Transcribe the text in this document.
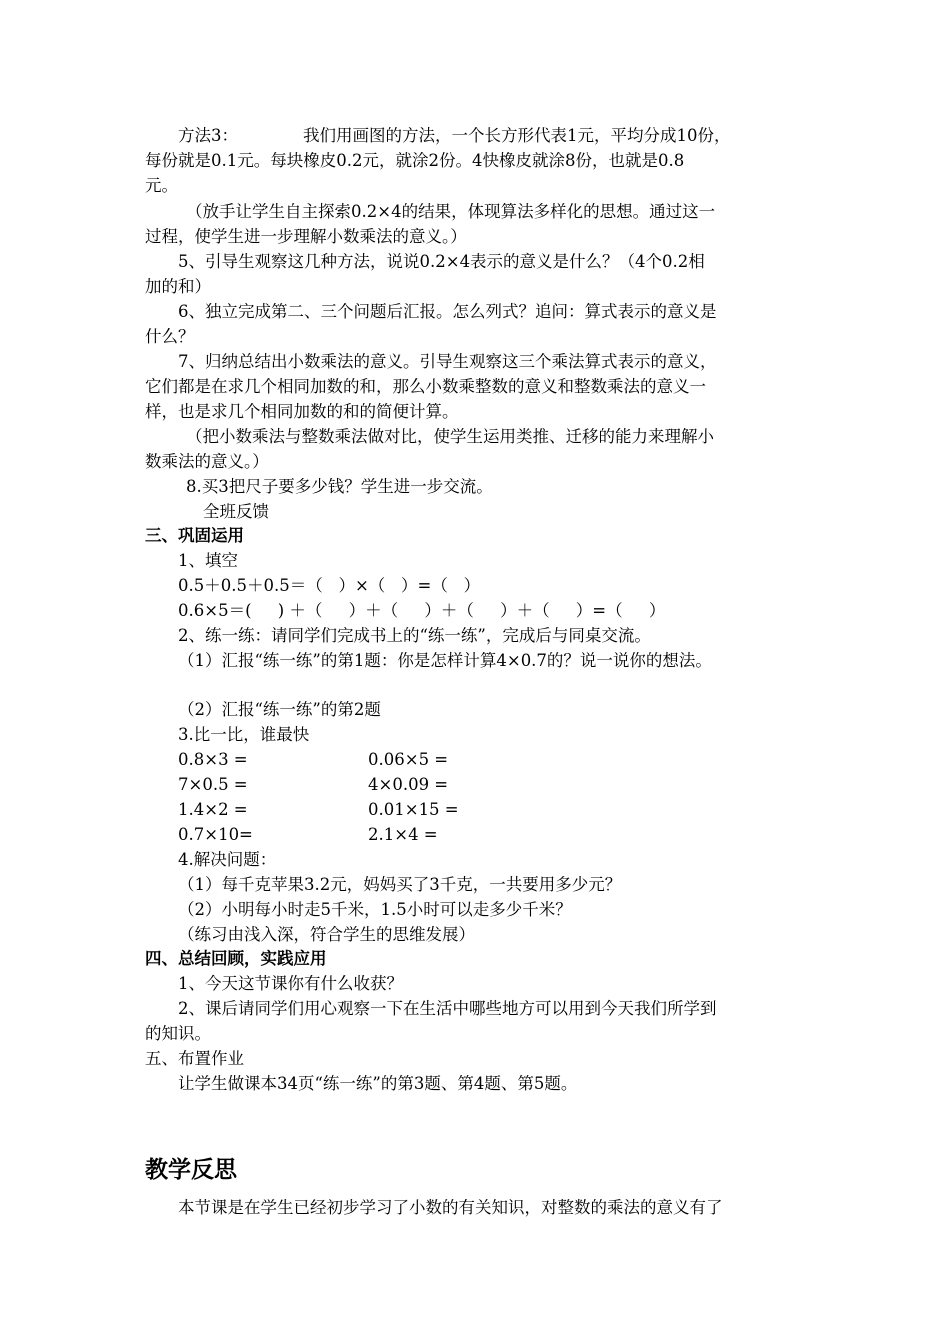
方法3：	我们用画图的方法，一个长方形代表1元，平均分成10份，
每份就是0.1元。每块橡皮0.2元，就涂2份。4快橡皮就涂8份，也就是0.8
元。
（放手让学生自主探索0.2×4的结果，体现算法多样化的思想。通过这一
过程，使学生进一步理解小数乘法的意义。）
5、引导生观察这几种方法，说说0.2×4表示的意义是什么？（4个0.2相
加的和）
6、独立完成第二、三个问题后汇报。怎么列式？追问：算式表示的意义是
什么？
7、归纳总结出小数乘法的意义。引导生观察这三个乘法算式表示的意义，
它们都是在求几个相同加数的和，那么小数乘整数的意义和整数乘法的意义一
样，也是求几个相同加数的和的简便计算。
（把小数乘法与整数乘法做对比，使学生运用类推、迁移的能力来理解小
数乘法的意义。）
8.买3把尺子要多少钱？学生进一步交流。
全班反馈
三、巩固运用
1、填空
0.5＋0.5＋0.5＝（   ）×（   ）=（   ）
0.6×5＝(     ) ＋（     ）＋（     ）＋（     ）＋（     ）=（     ）
2、练一练：请同学们完成书上的“练一练”，完成后与同桌交流。
（1）汇报“练一练”的第1题：你是怎样计算4×0.7的？说一说你的想法。
（2）汇报“练一练”的第2题
3.比一比，谁最快
0.8×3 =	0.06×5 =
7×0.5 =	4×0.09 =
1.4×2 =	0.01×15 =
0.7×10=	2.1×4 =
4.解决问题：
（1）每千克苹果3.2元，妈妈买了3千克，一共要用多少元？
（2）小明每小时走5千米，1.5小时可以走多少千米？
（练习由浅入深，符合学生的思维发展）
四、总结回顾，实践应用
1、今天这节课你有什么收获？
2、课后请同学们用心观察一下在生活中哪些地方可以用到今天我们所学到
的知识。
五、布置作业
让学生做课本34页“练一练”的第3题、第4题、第5题。
教学反思
本节课是在学生已经初步学习了小数的有关知识，对整数的乘法的意义有了
